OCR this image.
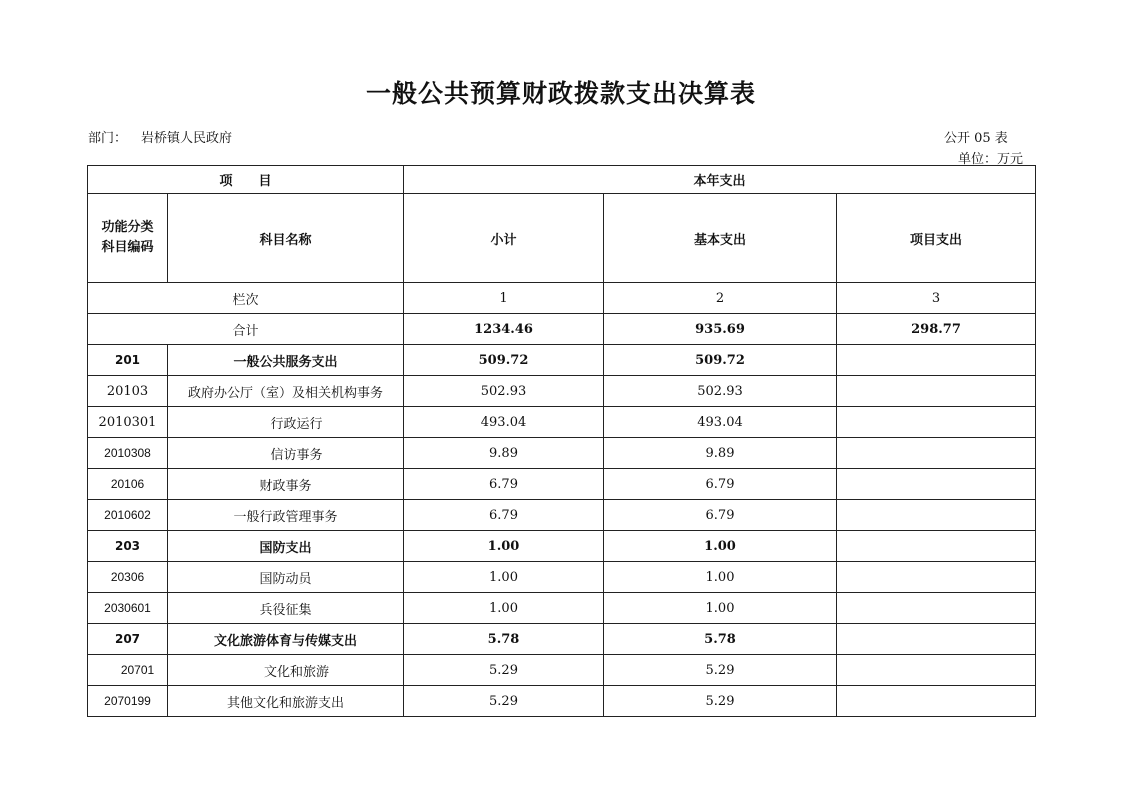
一般公共预算财政拨款支出决算表
部门： 岩桥镇人民政府	公开 05 表
单位：万元
项　　目		本年支出		
功能分类
科目编码	科目名称	小计	基本支出	项目支出
栏次		1	2	3
合计		1234.46	935.69	298.77
201	一般公共服务支出	509.72	509.72	
20103	政府办公厅（室）及相关机构事务	502.93	502.93	
2010301	行政运行	493.04	493.04	
2010308	信访事务	9.89	9.89	
20106	财政事务	6.79	6.79	
2010602	一般行政管理事务	6.79	6.79	
203	国防支出	1.00	1.00	
20306	国防动员	1.00	1.00	
2030601	兵役征集	1.00	1.00	
207	文化旅游体育与传媒支出	5.78	5.78	
20701	文化和旅游	5.29	5.29	
2070199	其他文化和旅游支出	5.29	5.29	
